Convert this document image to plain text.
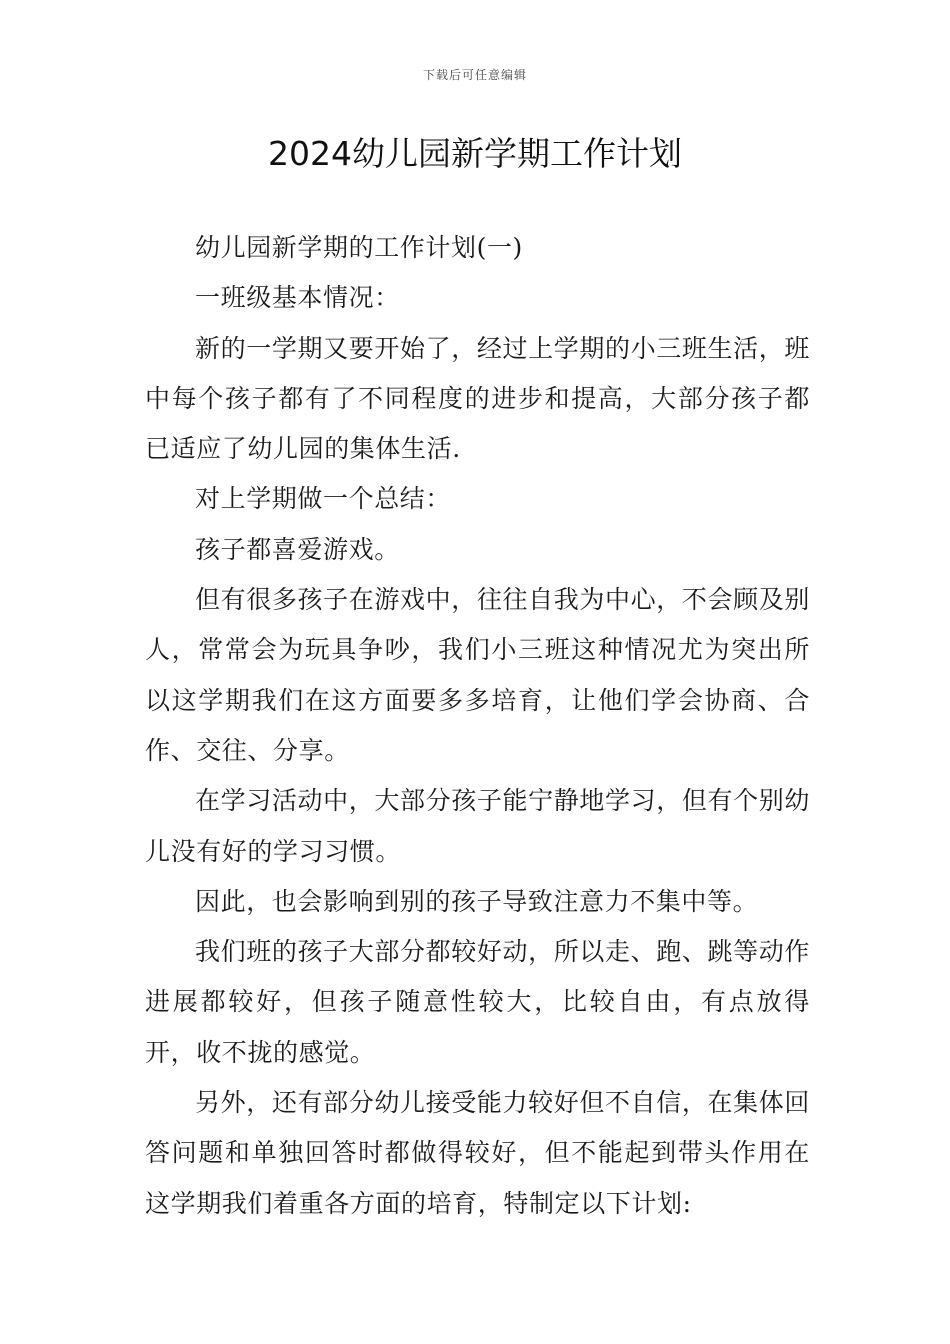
下载后可任意编辑
2024幼儿园新学期工作计划

幼儿园新学期的工作计划(一)

一班级基本情况：

新的一学期又要开始了，经过上学期的小三班生活，班中每个孩子都有了不同程度的进步和提高，大部分孩子都已适应了幼儿园的集体生活.

对上学期做一个总结：

孩子都喜爱游戏。

但有很多孩子在游戏中，往往自我为中心，不会顾及别人，常常会为玩具争吵，我们小三班这种情况尤为突出所以这学期我们在这方面要多多培育，让他们学会协商、合作、交往、分享。

在学习活动中，大部分孩子能宁静地学习，但有个别幼儿没有好的学习习惯。

因此，也会影响到别的孩子导致注意力不集中等。

我们班的孩子大部分都较好动，所以走、跑、跳等动作进展都较好，但孩子随意性较大，比较自由，有点放得开，收不拢的感觉。

另外，还有部分幼儿接受能力较好但不自信，在集体回答问题和单独回答时都做得较好，但不能起到带头作用在这学期我们着重各方面的培育，特制定以下计划:
